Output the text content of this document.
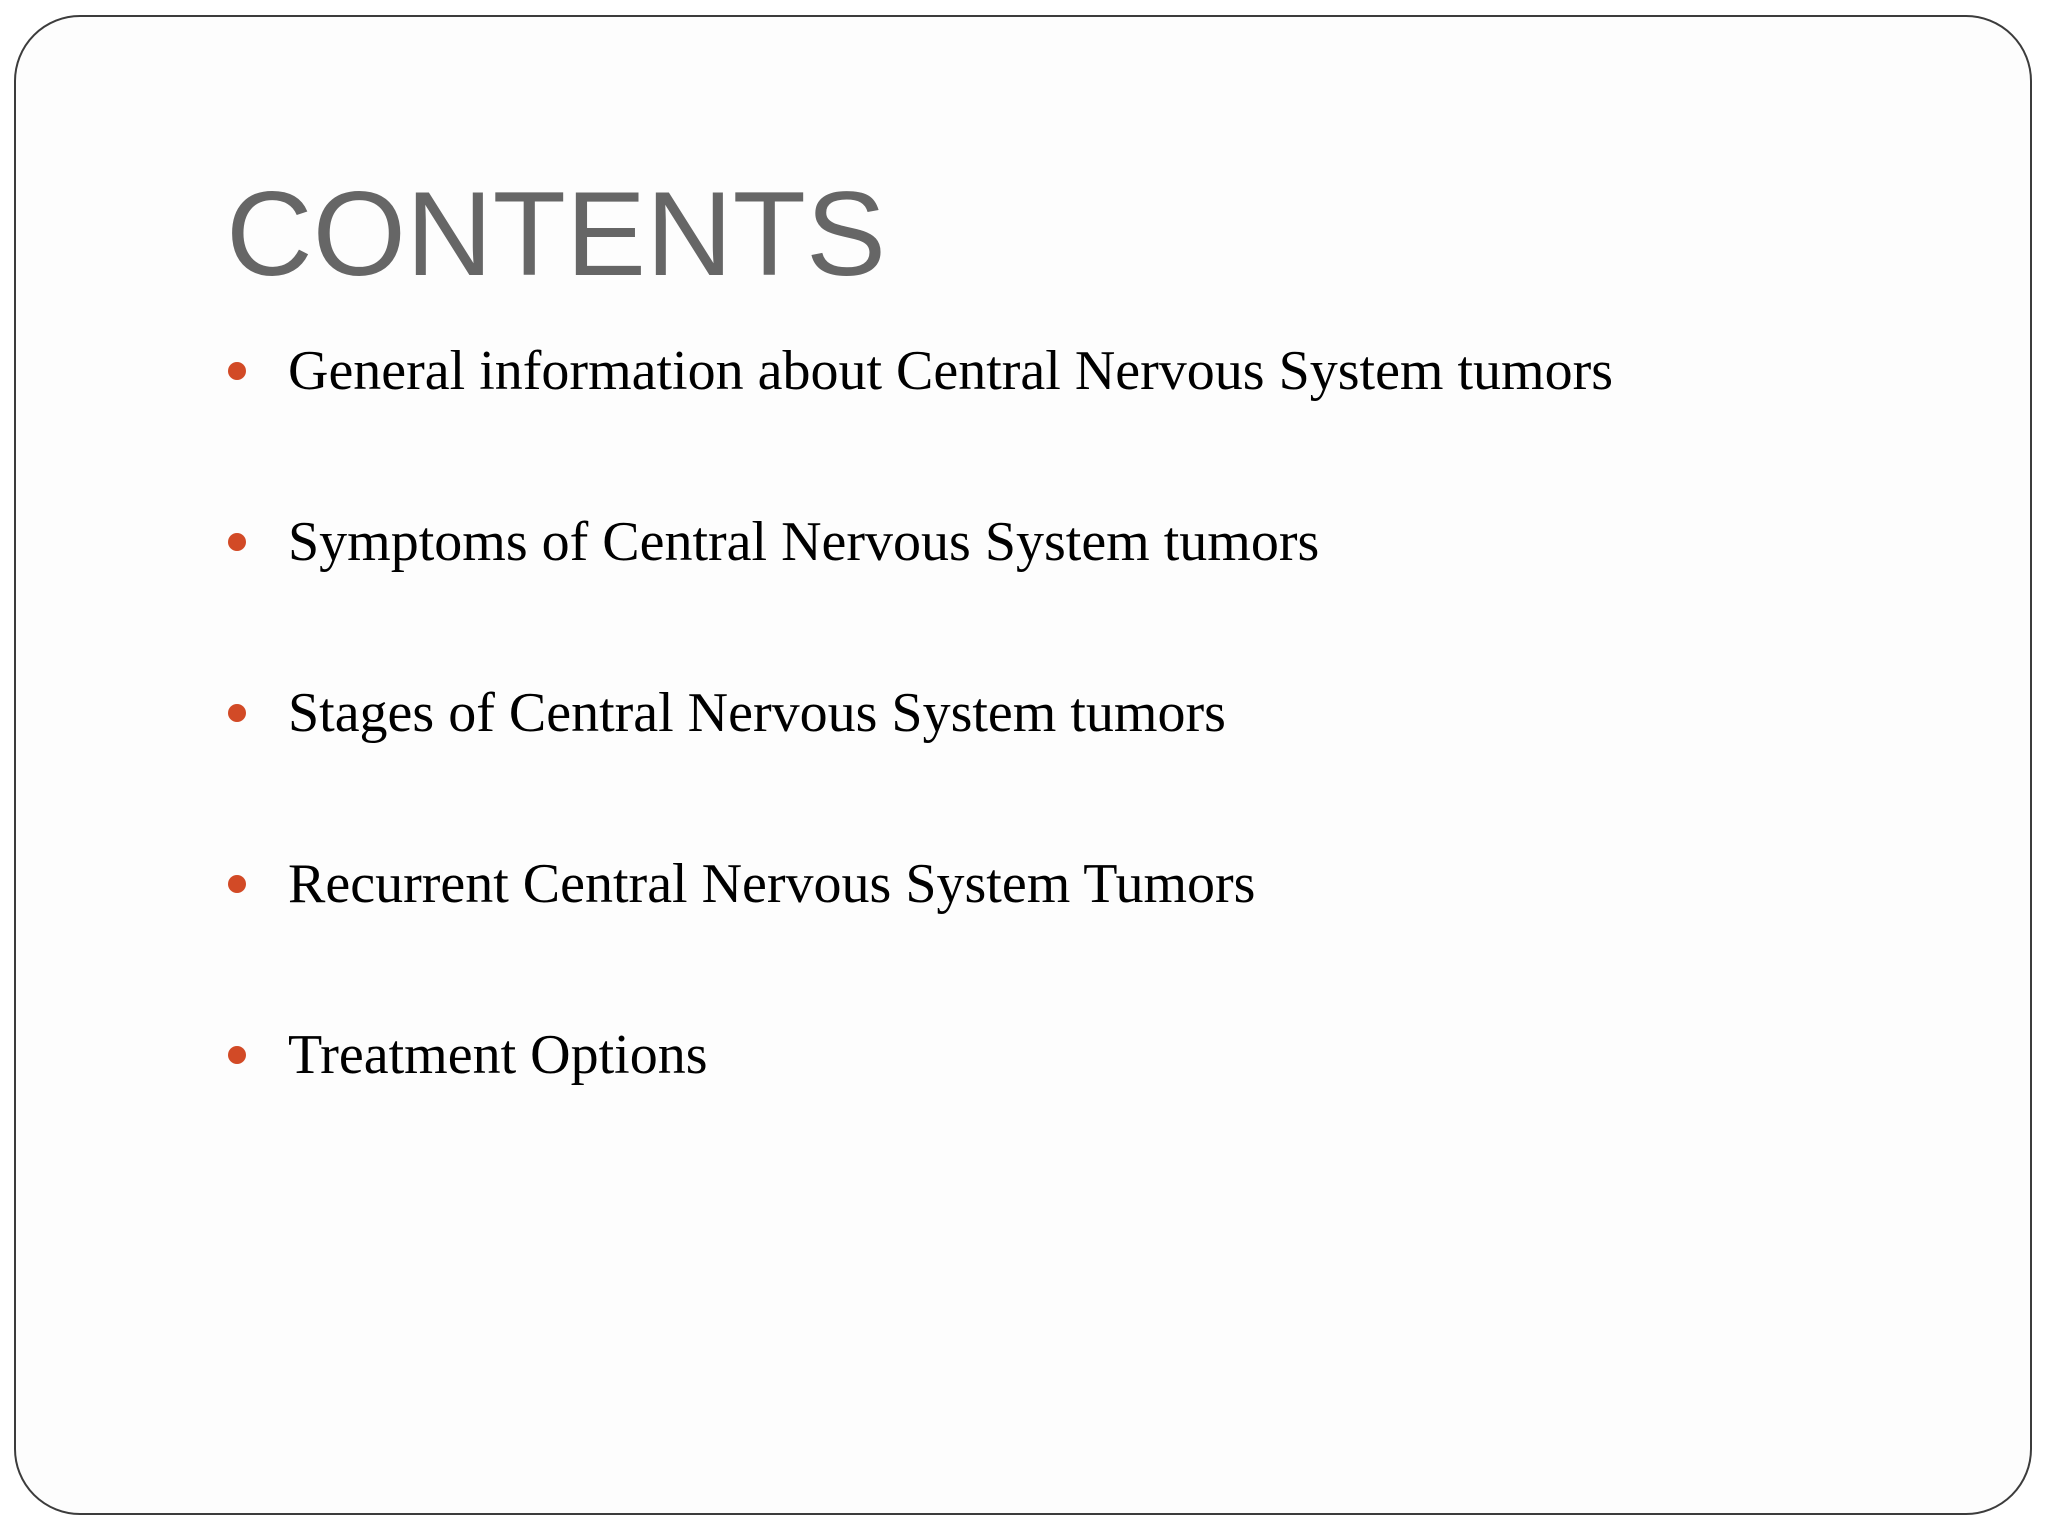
CONTENTS
General information about Central Nervous System tumors
Symptoms of Central Nervous System tumors
Stages of Central Nervous System tumors
Recurrent Central Nervous System Tumors
Treatment Options
